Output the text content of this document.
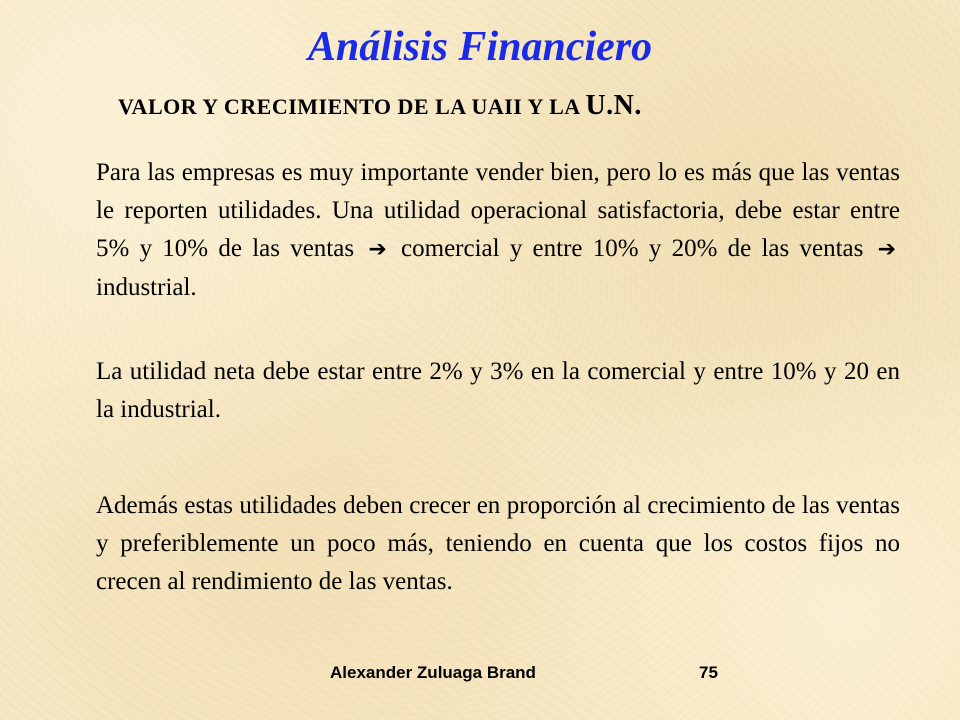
Análisis Financiero
VALOR Y CRECIMIENTO DE LA UAII Y LA U.N.

Para las empresas es muy importante vender bien, pero lo es más que las ventas le reporten utilidades. Una utilidad operacional satisfactoria, debe estar entre 5% y 10% de las ventas ➔ comercial y entre 10% y 20% de las ventas ➔ industrial.

La utilidad neta debe estar entre 2% y 3% en la comercial y entre 10% y 20 en la industrial.

Además estas utilidades deben crecer en proporción al crecimiento de las ventas y preferiblemente un poco más, teniendo en cuenta que los costos fijos no crecen al rendimiento de las ventas.

Alexander Zuluaga Brand	75
